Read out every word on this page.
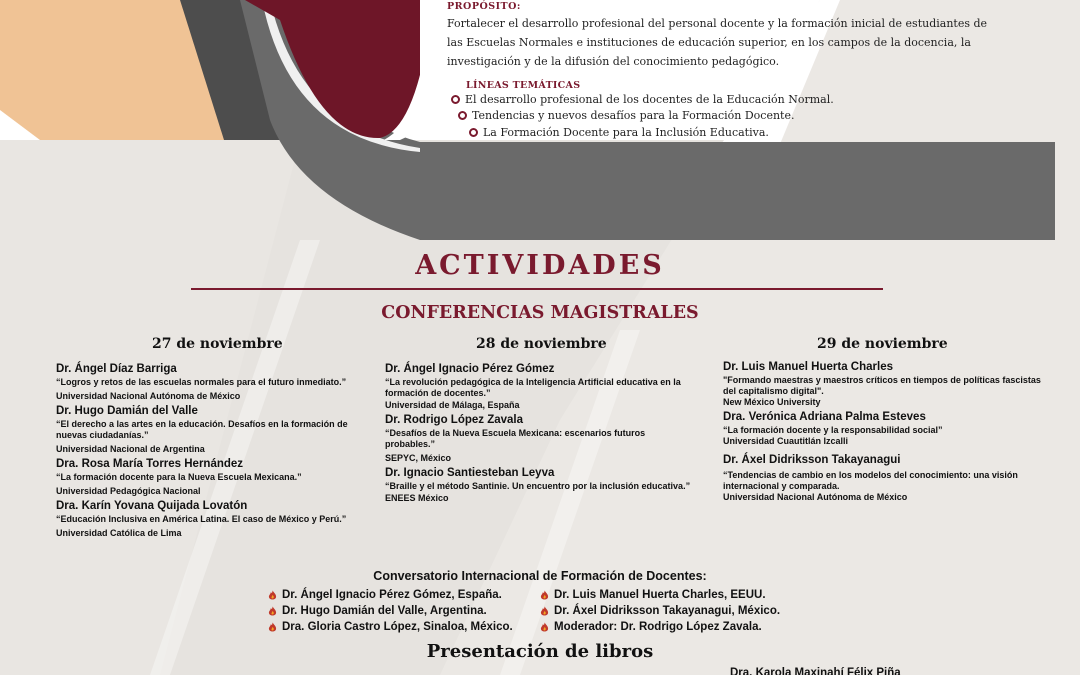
PROPÓSITO:
Fortalecer el desarrollo profesional del personal docente y la formación inicial de estudiantes de las Escuelas Normales e instituciones de educación superior, en los campos de la docencia, la investigación y de la difusión del conocimiento pedagógico.
LÍNEAS TEMÁTICAS
El desarrollo profesional de los docentes de la Educación Normal.
Tendencias y nuevos desafíos para la Formación Docente.
La Formación Docente para la Inclusión Educativa.
ACTIVIDADES
CONFERENCIAS MAGISTRALES
27 de noviembre
Dr. Ángel Díaz Barriga
“Logros y retos de las escuelas normales para el futuro inmediato.”
Universidad Nacional Autónoma de México
Dr. Hugo Damián del Valle
“El derecho a las artes en la educación. Desafíos en la formación de nuevas ciudadanías.”
Universidad Nacional de Argentina
Dra. Rosa María Torres Hernández
“La formación docente para la Nueva Escuela Mexicana.”
Universidad Pedagógica Nacional
Dra. Karín Yovana Quijada Lovatón
“Educación Inclusiva en América Latina. El caso de México y Perú.”
Universidad Católica de Lima
28 de noviembre
Dr. Ángel Ignacio Pérez Gómez
“La revolución pedagógica de la Inteligencia Artificial educativa en la formación de docentes.”
Universidad de Málaga, España
Dr. Rodrigo López Zavala
“Desafíos de la Nueva Escuela Mexicana: escenarios futuros probables.”
SEPYC, México
Dr. Ignacio Santiesteban Leyva
“Braille y el método Santinie. Un encuentro por la inclusión educativa.”
ENEES México
29 de noviembre
Dr. Luis Manuel Huerta Charles
"Formando maestras y maestros críticos en tiempos de políticas fascistas del capitalismo digital".
New México University
Dra. Verónica Adriana Palma Esteves
“La formación docente y la responsabilidad social”
Universidad Cuautitlán Izcalli
Dr. Áxel Didriksson Takayanagui
“Tendencias de cambio en los modelos del conocimiento: una visión internacional y comparada.
Universidad Nacional Autónoma de México
Conversatorio Internacional de Formación de Docentes:
Dr. Ángel Ignacio Pérez Gómez, España.
Dr. Hugo Damián del Valle, Argentina.
Dra. Gloria Castro López, Sinaloa, México.
Dr. Luis Manuel Huerta Charles, EEUU.
Dr. Áxel Didriksson Takayanagui, México.
Moderador: Dr. Rodrigo López Zavala.
Presentación de libros
Dra. Karola Maxinahí Félix Piña
